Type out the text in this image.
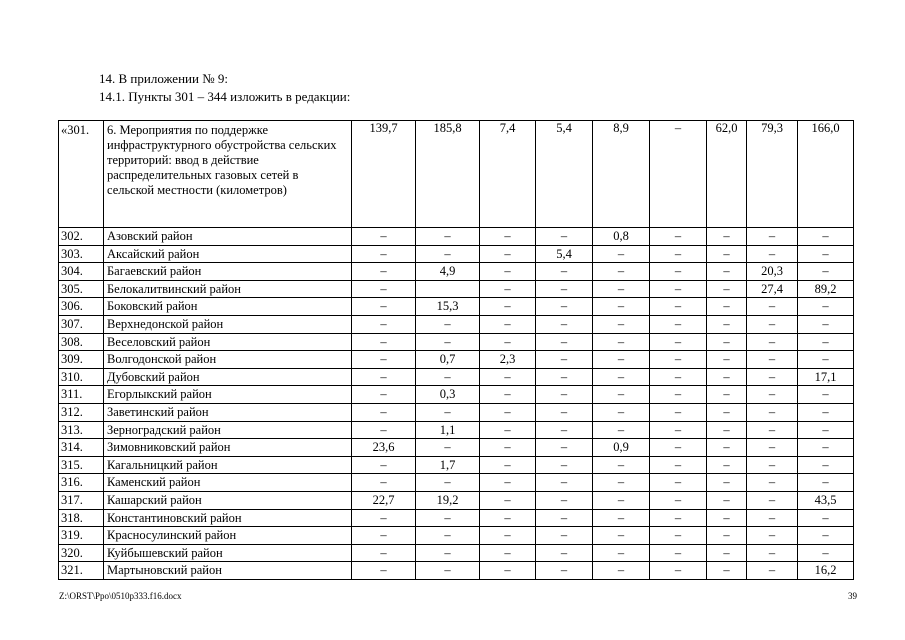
14. В приложении № 9:
14.1. Пункты 301 – 344 изложить в редакции:
«301.	6. Мероприятия по поддержке инфраструктурного обустройства сельских территорий: ввод в действие распределительных газовых сетей в сельской местности (километров)	139,7	185,8	7,4	5,4	8,9	–	62,0	79,3	166,0
302.	Азовский район	–	–	–	–	0,8	–	–	–	–
303.	Аксайский район	–	–	–	5,4	–	–	–	–	–
304.	Багаевский район	–	4,9	–	–	–	–	–	20,3	–
305.	Белокалитвинский район	–		–	–	–	–	–	27,4	89,2
306.	Боковский район	–	15,3	–	–	–	–	–	–	–
307.	Верхнедонской район	–	–	–	–	–	–	–	–	–
308.	Веселовский район	–	–	–	–	–	–	–	–	–
309.	Волгодонской район	–	0,7	2,3	–	–	–	–	–	–
310.	Дубовский район	–	–	–	–	–	–	–	–	17,1
311.	Егорлыкский район	–	0,3	–	–	–	–	–	–	–
312.	Заветинский район	–	–	–	–	–	–	–	–	–
313.	Зерноградский район	–	1,1	–	–	–	–	–	–	–
314.	Зимовниковский район	23,6	–	–	–	0,9	–	–	–	–
315.	Кагальницкий район	–	1,7	–	–	–	–	–	–	–
316.	Каменский район	–	–	–	–	–	–	–	–	–
317.	Кашарский район	22,7	19,2	–	–	–	–	–	–	43,5
318.	Константиновский район	–	–	–	–	–	–	–	–	–
319.	Красносулинский район	–	–	–	–	–	–	–	–	–
320.	Куйбышевский район	–	–	–	–	–	–	–	–	–
321.	Мартыновский район	–	–	–	–	–	–	–	–	16,2
Z:\ORST\Ppo\0510p333.f16.docx	39
